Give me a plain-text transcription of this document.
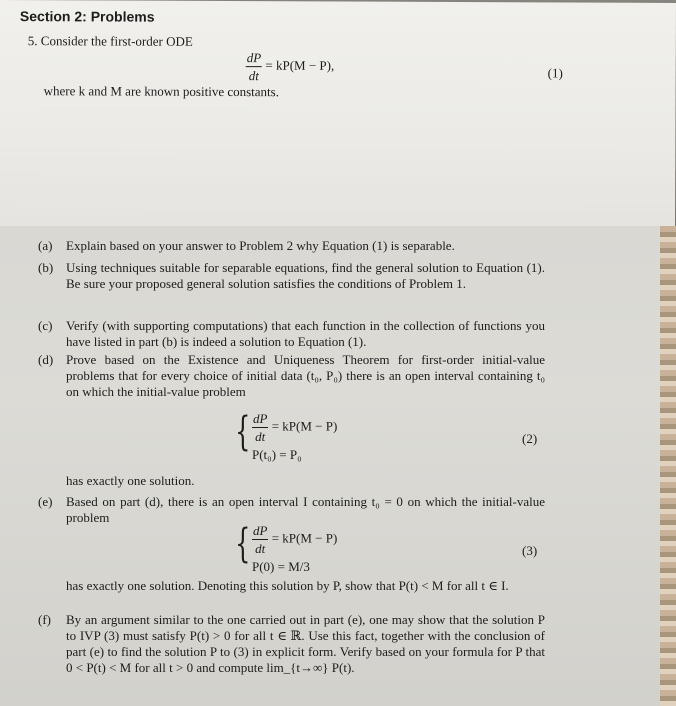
Section 2: Problems
5. Consider the first-order ODE
$\frac{dP}{dt} = kP(M - P)$,	(1)
where k and M are known positive constants.
(a) Explain based on your answer to Problem 2 why Equation (1) is separable.
(b) Using techniques suitable for separable equations, find the general solution to Equation (1). Be sure your proposed general solution satisfies the conditions of Problem 1.
(c) Verify (with supporting computations) that each function in the collection of functions you have listed in part (b) is indeed a solution to Equation (1).
(d) Prove based on the Existence and Uniqueness Theorem for first-order initial-value problems that for every choice of initial data (t₀, P₀) there is an open interval containing t₀ on which the initial-value problem
{ $\frac{dP}{dt} = kP(M - P)$
P(t₀) = P₀
(2)
has exactly one solution.
(e) Based on part (d), there is an open interval I containing t₀ = 0 on which the initial-value problem
{ $\frac{dP}{dt} = kP(M - P)$
P(0) = M/3
(3)
has exactly one solution. Denoting this solution by P, show that P(t) < M for all t ∈ I.
(f) By an argument similar to the one carried out in part (e), one may show that the solution P to IVP (3) must satisfy P(t) > 0 for all t ∈ ℝ. Use this fact, together with the conclusion of part (e) to find the solution P to (3) in explicit form. Verify based on your formula for P that 0 < P(t) < M for all t > 0 and compute lim_{t→∞} P(t).
